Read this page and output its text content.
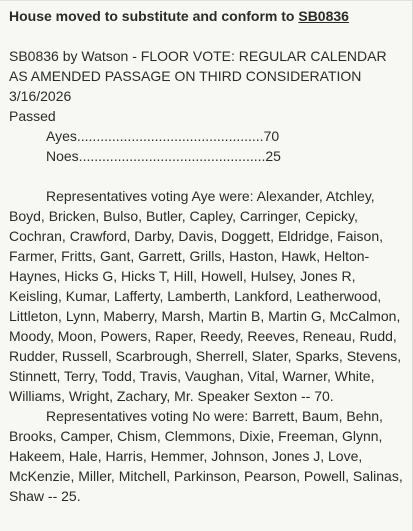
House moved to substitute and conform to SB0836
SB0836 by Watson - FLOOR VOTE: REGULAR CALENDAR
AS AMENDED PASSAGE ON THIRD CONSIDERATION
3/16/2026
Passed
Ayes................................................70
Noes................................................25

Representatives voting Aye were: Alexander, Atchley, Boyd, Bricken, Bulso, Butler, Capley, Carringer, Cepicky, Cochran, Crawford, Darby, Davis, Doggett, Eldridge, Faison, Farmer, Fritts, Gant, Garrett, Grills, Haston, Hawk, Helton-Haynes, Hicks G, Hicks T, Hill, Howell, Hulsey, Jones R, Keisling, Kumar, Lafferty, Lamberth, Lankford, Leatherwood, Littleton, Lynn, Maberry, Marsh, Martin B, Martin G, McCalmon, Moody, Moon, Powers, Raper, Reedy, Reeves, Reneau, Rudd, Rudder, Russell, Scarbrough, Sherrell, Slater, Sparks, Stevens, Stinnett, Terry, Todd, Travis, Vaughan, Vital, Warner, White, Williams, Wright, Zachary, Mr. Speaker Sexton -- 70.

Representatives voting No were: Barrett, Baum, Behn, Brooks, Camper, Chism, Clemmons, Dixie, Freeman, Glynn, Hakeem, Hale, Harris, Hemmer, Johnson, Jones J, Love, McKenzie, Miller, Mitchell, Parkinson, Pearson, Powell, Salinas, Shaw -- 25.
